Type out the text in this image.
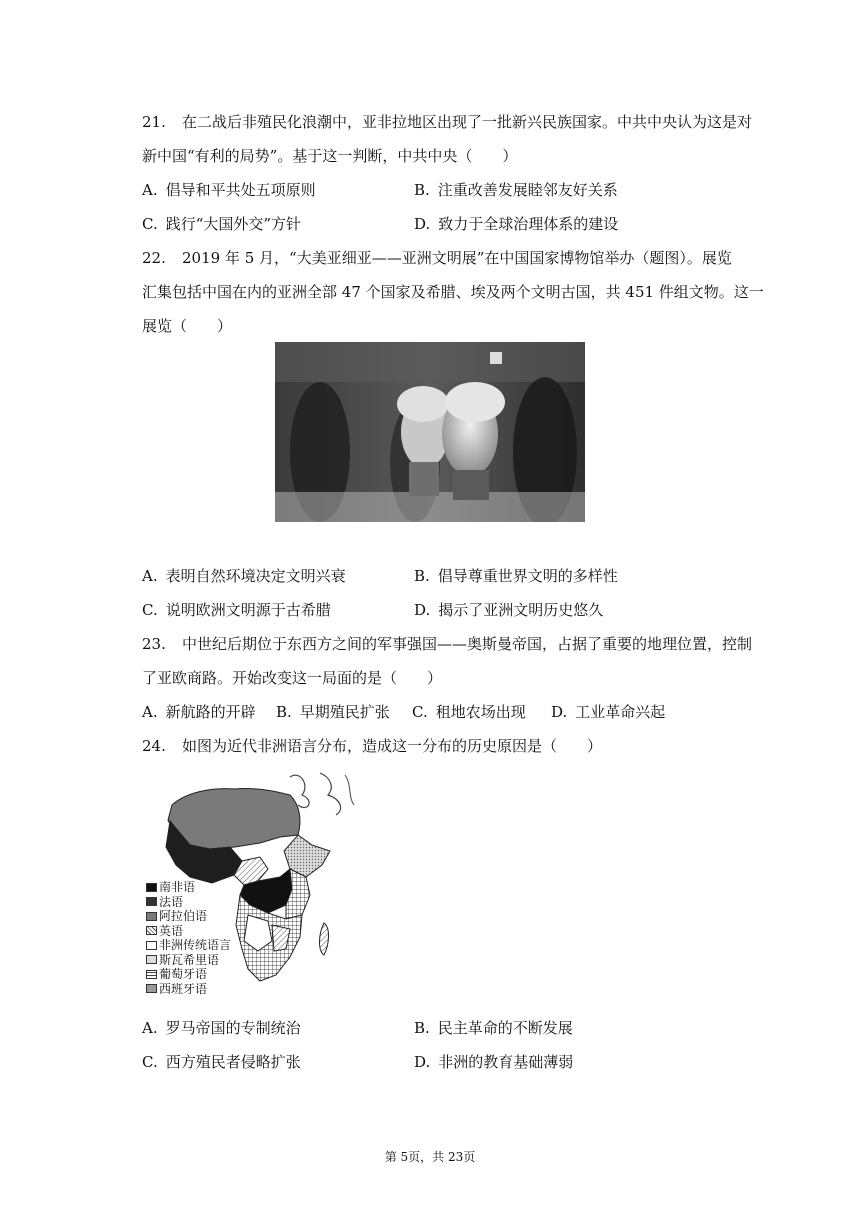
21. 在二战后非殖民化浪潮中，亚非拉地区出现了一批新兴民族国家。中共中央认为这是对
新中国“有利的局势”。基于这一判断，中共中央（　　）
A. 倡导和平共处五项原则	B. 注重改善发展睦邻友好关系
C. 践行“大国外交”方针	D. 致力于全球治理体系的建设
22. 2019 年 5 月，“大美亚细亚——亚洲文明展”在中国国家博物馆举办（题图）。展览
汇集包括中国在内的亚洲全部 47 个国家及希腊、埃及两个文明古国，共 451 件组文物。这一
展览（　　）
A. 表明自然环境决定文明兴衰	B. 倡导尊重世界文明的多样性
C. 说明欧洲文明源于古希腊	D. 揭示了亚洲文明历史悠久
23. 中世纪后期位于东西方之间的军事强国——奥斯曼帝国，占据了重要的地理位置，控制
了亚欧商路。开始改变这一局面的是（　　）
A. 新航路的开辟 B. 早期殖民扩张 C. 租地农场出现 D. 工业革命兴起
24. 如图为近代非洲语言分布，造成这一分布的历史原因是（　　）
南非语
法语
阿拉伯语
英语
非洲传统语言
斯瓦希里语
葡萄牙语
西班牙语
A. 罗马帝国的专制统治	B. 民主革命的不断发展
C. 西方殖民者侵略扩张	D. 非洲的教育基础薄弱
第 5页，共 23页
